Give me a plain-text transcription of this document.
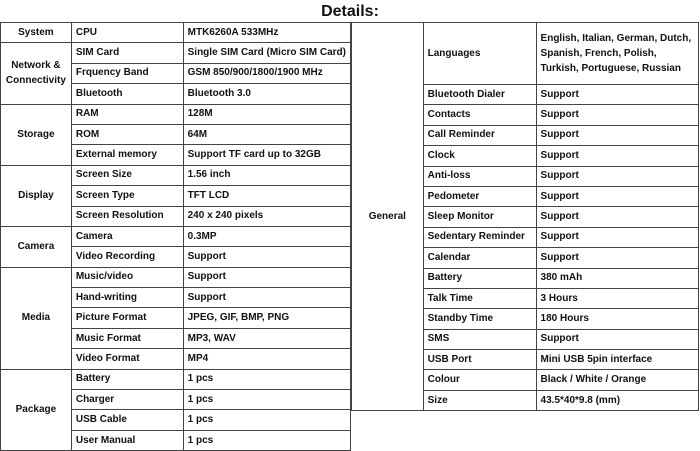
Details:
System	CPU	MTK6260A 533MHz
Network & Connectivity	SIM Card	Single SIM Card (Micro SIM Card)
	Frquency Band	GSM 850/900/1800/1900 MHz
	Bluetooth	Bluetooth 3.0
Storage	RAM	128M
	ROM	64M
	External memory	Support TF card up to 32GB
Display	Screen Size	1.56 inch
	Screen Type	TFT LCD
	Screen Resolution	240 x 240 pixels
Camera	Camera	0.3MP
	Video Recording	Support
Media	Music/video	Support
	Hand-writing	Support
	Picture Format	JPEG, GIF, BMP, PNG
	Music Format	MP3, WAV
	Video Format	MP4
Package	Battery	1 pcs
	Charger	1 pcs
	USB Cable	1 pcs
	User Manual	1 pcs
General	Languages	English, Italian, German, Dutch, Spanish, French, Polish, Turkish, Portuguese, Russian
	Bluetooth Dialer	Support
	Contacts	Support
	Call Reminder	Support
	Clock	Support
	Anti-loss	Support
	Pedometer	Support
	Sleep Monitor	Support
	Sedentary Reminder	Support
	Calendar	Support
	Battery	380 mAh
	Talk Time	3 Hours
	Standby Time	180 Hours
	SMS	Support
	USB Port	Mini USB 5pin interface
	Colour	Black / White / Orange
	Size	43.5*40*9.8 (mm)
